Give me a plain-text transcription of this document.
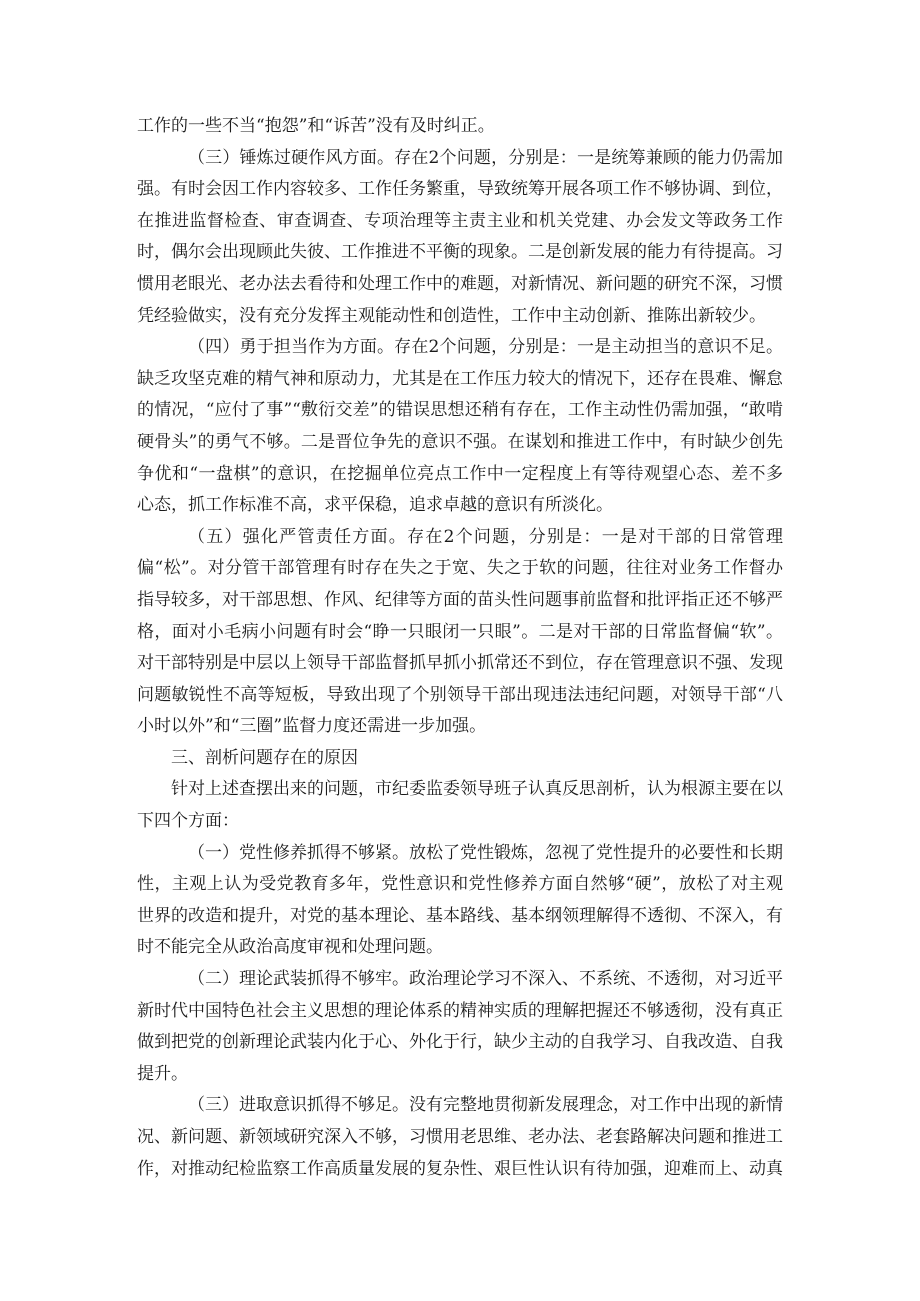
工作的一些不当“抱怨”和“诉苦”没有及时纠正。

（三）锤炼过硬作风方面。存在2个问题，分别是：一是统筹兼顾的能力仍需加强。有时会因工作内容较多、工作任务繁重，导致统筹开展各项工作不够协调、到位，在推进监督检查、审查调查、专项治理等主责主业和机关党建、办会发文等政务工作时，偶尔会出现顾此失彼、工作推进不平衡的现象。二是创新发展的能力有待提高。习惯用老眼光、老办法去看待和处理工作中的难题，对新情况、新问题的研究不深，习惯凭经验做实，没有充分发挥主观能动性和创造性，工作中主动创新、推陈出新较少。

（四）勇于担当作为方面。存在2个问题，分别是：一是主动担当的意识不足。缺乏攻坚克难的精气神和原动力，尤其是在工作压力较大的情况下，还存在畏难、懈怠的情况，“应付了事”“敷衍交差”的错误思想还稍有存在，工作主动性仍需加强，“敢啃硬骨头”的勇气不够。二是晋位争先的意识不强。在谋划和推进工作中，有时缺少创先争优和“一盘棋”的意识，在挖掘单位亮点工作中一定程度上有等待观望心态、差不多心态，抓工作标准不高，求平保稳，追求卓越的意识有所淡化。

（五）强化严管责任方面。存在2个问题，分别是：一是对干部的日常管理偏“松”。对分管干部管理有时存在失之于宽、失之于软的问题，往往对业务工作督办指导较多，对干部思想、作风、纪律等方面的苗头性问题事前监督和批评指正还不够严格，面对小毛病小问题有时会“睁一只眼闭一只眼”。二是对干部的日常监督偏“软”。对干部特别是中层以上领导干部监督抓早抓小抓常还不到位，存在管理意识不强、发现问题敏锐性不高等短板，导致出现了个别领导干部出现违法违纪问题，对领导干部“八小时以外”和“三圈”监督力度还需进一步加强。

三、剖析问题存在的原因

针对上述查摆出来的问题，市纪委监委领导班子认真反思剖析，认为根源主要在以下四个方面：

（一）党性修养抓得不够紧。放松了党性锻炼，忽视了党性提升的必要性和长期性，主观上认为受党教育多年，党性意识和党性修养方面自然够“硬”，放松了对主观世界的改造和提升，对党的基本理论、基本路线、基本纲领理解得不透彻、不深入，有时不能完全从政治高度审视和处理问题。

（二）理论武装抓得不够牢。政治理论学习不深入、不系统、不透彻，对习近平新时代中国特色社会主义思想的理论体系的精神实质的理解把握还不够透彻，没有真正做到把党的创新理论武装内化于心、外化于行，缺少主动的自我学习、自我改造、自我提升。

（三）进取意识抓得不够足。没有完整地贯彻新发展理念，对工作中出现的新情况、新问题、新领域研究深入不够，习惯用老思维、老办法、老套路解决问题和推进工作，对推动纪检监察工作高质量发展的复杂性、艰巨性认识有待加强，迎难而上、动真
